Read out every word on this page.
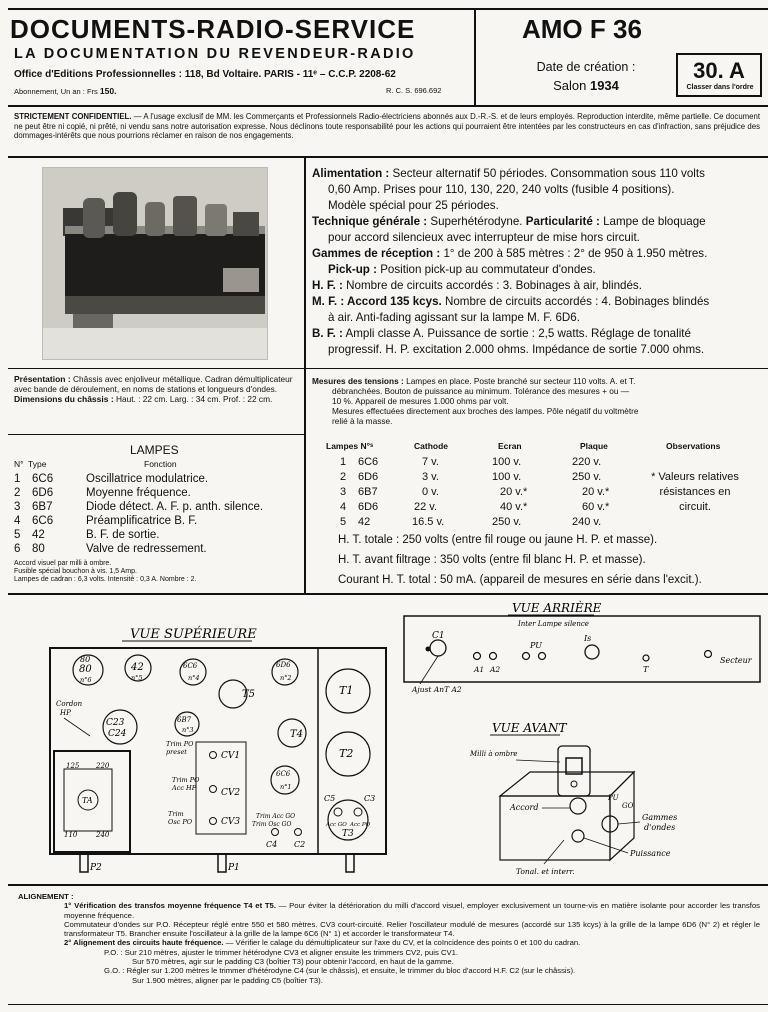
DOCUMENTS-RADIO-SERVICE
LA DOCUMENTATION DU REVENDEUR-RADIO
Office d'Editions Professionnelles : 118, Bd Voltaire. PARIS - 11ᵉ – C.C.P. 2208-62
Abonnement, Un an : Frs 150.	R. C. S. 696.692
AMO F 36
Date de création :
Salon 1934
30. A
Classer dans l'ordre
STRICTEMENT CONFIDENTIEL. — A l'usage exclusif de MM. les Commerçants et Professionnels Radio-électriciens abonnés aux D.-R.-S. et de leurs employés. Reproduction interdite, même partielle. Ce document ne peut être ni copié, ni prêté, ni vendu sans notre autorisation expresse. Nous déclinons toute responsabilité pour les actions qui pourraient être intentées par les constructeurs en cas d'infraction, sans préjudice des dommages-intérêts que nous pourrions réclamer en raison de nos engagements.
Présentation : Châssis avec enjoliveur métallique. Cadran démultiplicateur avec bande de déroulement, en noms de stations et longueurs d'ondes.
Dimensions du châssis : Haut. : 22 cm. Larg. : 34 cm. Prof. : 22 cm.
LAMPES
N° Type	Fonction
1 6C6	Oscillatrice modulatrice.
2 6D6	Moyenne fréquence.
3 6B7	Diode détect. A. F. p. anth. silence.
4 6C6	Préamplificatrice B. F.
5 42	B. F. de sortie.
6 80	Valve de redressement.
Accord visuel par milli à ombre.
Fusible spécial bouchon à vis. 1,5 Amp.
Lampes de cadran : 6,3 volts. Intensité : 0,3 A. Nombre : 2.

Alimentation : Secteur alternatif 50 périodes. Consommation sous 110 volts

0,60 Amp. Prises pour 110, 130, 220, 240 volts (fusible 4 positions).

Modèle spécial pour 25 périodes.

Technique générale : Superhétérodyne. Particularité : Lampe de bloquage

pour accord silencieux avec interrupteur de mise hors circuit.

Gammes de réception : 1° de 200 à 585 mètres : 2° de 950 à 1.950 mètres.

Pick-up : Position pick-up au commutateur d'ondes.

H. F. : Nombre de circuits accordés : 3. Bobinages à air, blindés.

M. F. : Accord 135 kcys. Nombre de circuits accordés : 4. Bobinages blindés

à air. Anti-fading agissant sur la lampe M. F. 6D6.

B. F. : Ampli classe A. Puissance de sortie : 2,5 watts. Réglage de tonalité

progressif. H. P. excitation 2.000 ohms. Impédance de sortie 7.000 ohms.

Mesures des tensions : Lampes en place. Poste branché sur secteur 110 volts. A. et T.
débranchées. Bouton de puissance au minimum. Tolérance des mesures + ou —
10 %. Appareil de mesures 1.000 ohms par volt.
Mesures effectuées directement aux broches des lampes. Pôle négatif du voltmètre
relié à la masse.
Lampes N°ˢ	Cathode	Ecran	Plaque	Observations
1 6C6	7 v.	100 v.	220 v.
2 6D6	3 v.	100 v.	250 v.
3 6B7	0 v.	20 v.*	20 v.*
4 6D6	22 v.	40 v.*	60 v.*
5 42	16.5 v.	250 v.	240 v.
* Valeurs relatives
résistances en
circuit.
H. T. totale : 250 volts (entre fil rouge ou jaune H. P. et masse).
H. T. avant filtrage : 350 volts (entre fil blanc H. P. et masse).
Courant H. T. total : 50 mA. (appareil de mesures en série dans l'excit.).
VUE SUPÉRIEURE
80
80
n°6
42
n°5
6C6
n°4
T5
6D6
n°2
T1
T2
T4
C23
C24
6B7
n°3
Cordon
HP
Trim PO
preset	CV1
Trim PO
Acc HF	CV2
Trim
Osc PO	CV3
6C6
n°1
Trim Acc GO
Trim Osc GO
C4 C2
C5	C3
Acc GO Acc PO
T3
125 220
110	240
TA
P2	P1
VUE ARRIÈRE
C1
Inter Lampe silence
PU
A1 A2
Is
T
Secteur
Ajust AnT A2
VUE AVANT
Milli à ombre
Accord
PU
GO
Gammes
d'ondes
Puissance
Tonal. et interr.
ALIGNEMENT :
1° Vérification des transfos moyenne fréquence T4 et T5. — Pour éviter la détérioration du milli d'accord visuel, employer exclusivement un tourne-vis en matière isolante pour accorder les transfos moyenne fréquence.
Commutateur d'ondes sur P.O. Récepteur réglé entre 550 et 580 mètres. CV3 court-circuité. Relier l'oscillateur modulé de mesures (accordé sur 135 kcys) à la grille de la lampe 6D6 (N° 2) et régler le transformateur T5. Brancher ensuite l'oscillateur à la grille de la lampe 6C6 (N° 1) et accorder le transformateur T4.
2° Alignement des circuits haute fréquence. — Vérifier le calage du démultiplicateur sur l'axe du CV, et la coïncidence des points 0 et 100 du cadran.
P.O. : Sur 210 mètres, ajuster le trimmer hétérodyne CV3 et aligner ensuite les trimmers CV2, puis CV1.
Sur 570 mètres, agir sur le padding C3 (boîtier T3) pour obtenir l'accord, en haut de la gamme.
G.O. : Régler sur 1.200 mètres le trimmer d'hétérodyne C4 (sur le châssis), et ensuite, le trimmer du bloc d'accord H.F. C2 (sur le châssis).
Sur 1.900 mètres, aligner par le padding C5 (boîtier T3).
